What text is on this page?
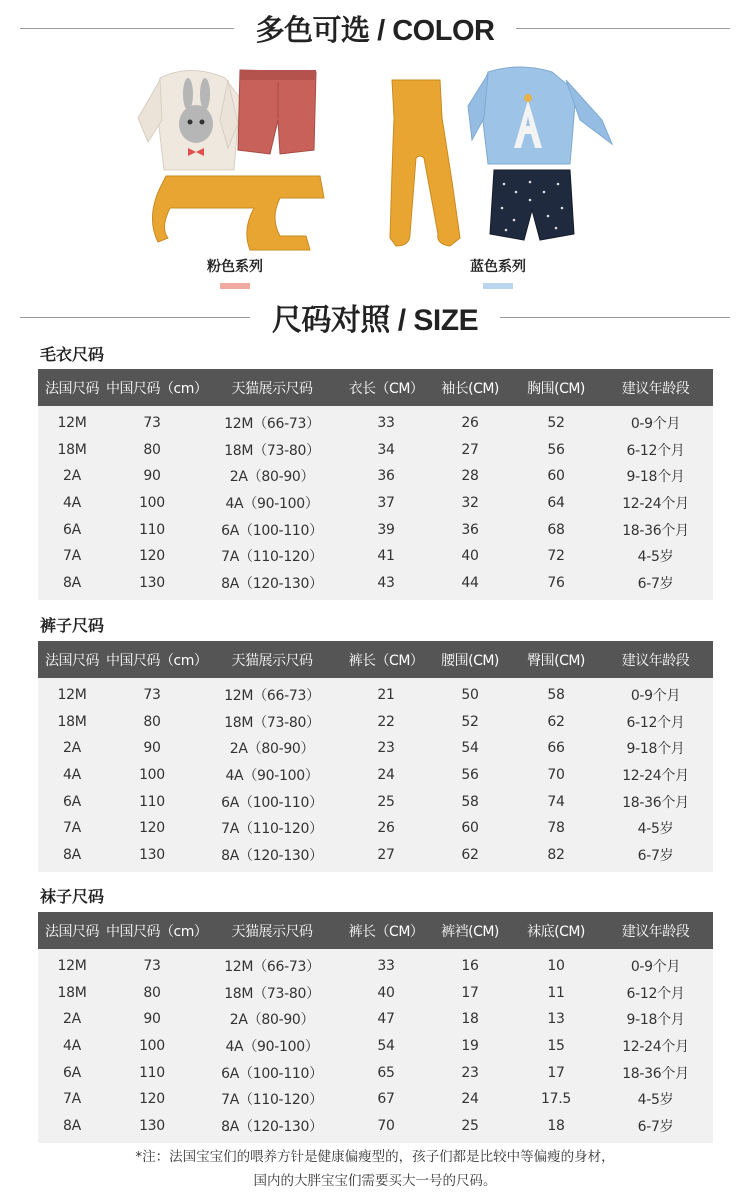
多色可选 / COLOR
粉色系列	蓝色系列
尺码对照 / SIZE
毛衣尺码
法国尺码	中国尺码（cm）	天猫展示尺码	衣长（CM）	袖长(CM)	胸围(CM)	建议年龄段
12M	73	12M（66-73）	33	26	52	0-9个月
18M	80	18M（73-80）	34	27	56	6-12个月
2A	90	2A（80-90）	36	28	60	9-18个月
4A	100	4A（90-100）	37	32	64	12-24个月
6A	110	6A（100-110）	39	36	68	18-36个月
7A	120	7A（110-120）	41	40	72	4-5岁
8A	130	8A（120-130）	43	44	76	6-7岁
裤子尺码
法国尺码	中国尺码（cm）	天猫展示尺码	裤长（CM）	腰围(CM)	臀围(CM)	建议年龄段
12M	73	12M（66-73）	21	50	58	0-9个月
18M	80	18M（73-80）	22	52	62	6-12个月
2A	90	2A（80-90）	23	54	66	9-18个月
4A	100	4A（90-100）	24	56	70	12-24个月
6A	110	6A（100-110）	25	58	74	18-36个月
7A	120	7A（110-120）	26	60	78	4-5岁
8A	130	8A（120-130）	27	62	82	6-7岁
袜子尺码
法国尺码	中国尺码（cm）	天猫展示尺码	裤长（CM）	裤裆(CM)	袜底(CM)	建议年龄段
12M	73	12M（66-73）	33	16	10	0-9个月
18M	80	18M（73-80）	40	17	11	6-12个月
2A	90	2A（80-90）	47	18	13	9-18个月
4A	100	4A（90-100）	54	19	15	12-24个月
6A	110	6A（100-110）	65	23	17	18-36个月
7A	120	7A（110-120）	67	24	17.5	4-5岁
8A	130	8A（120-130）	70	25	18	6-7岁
*注：法国宝宝们的喂养方针是健康偏瘦型的，孩子们都是比较中等偏瘦的身材，
国内的大胖宝宝们需要买大一号的尺码。
